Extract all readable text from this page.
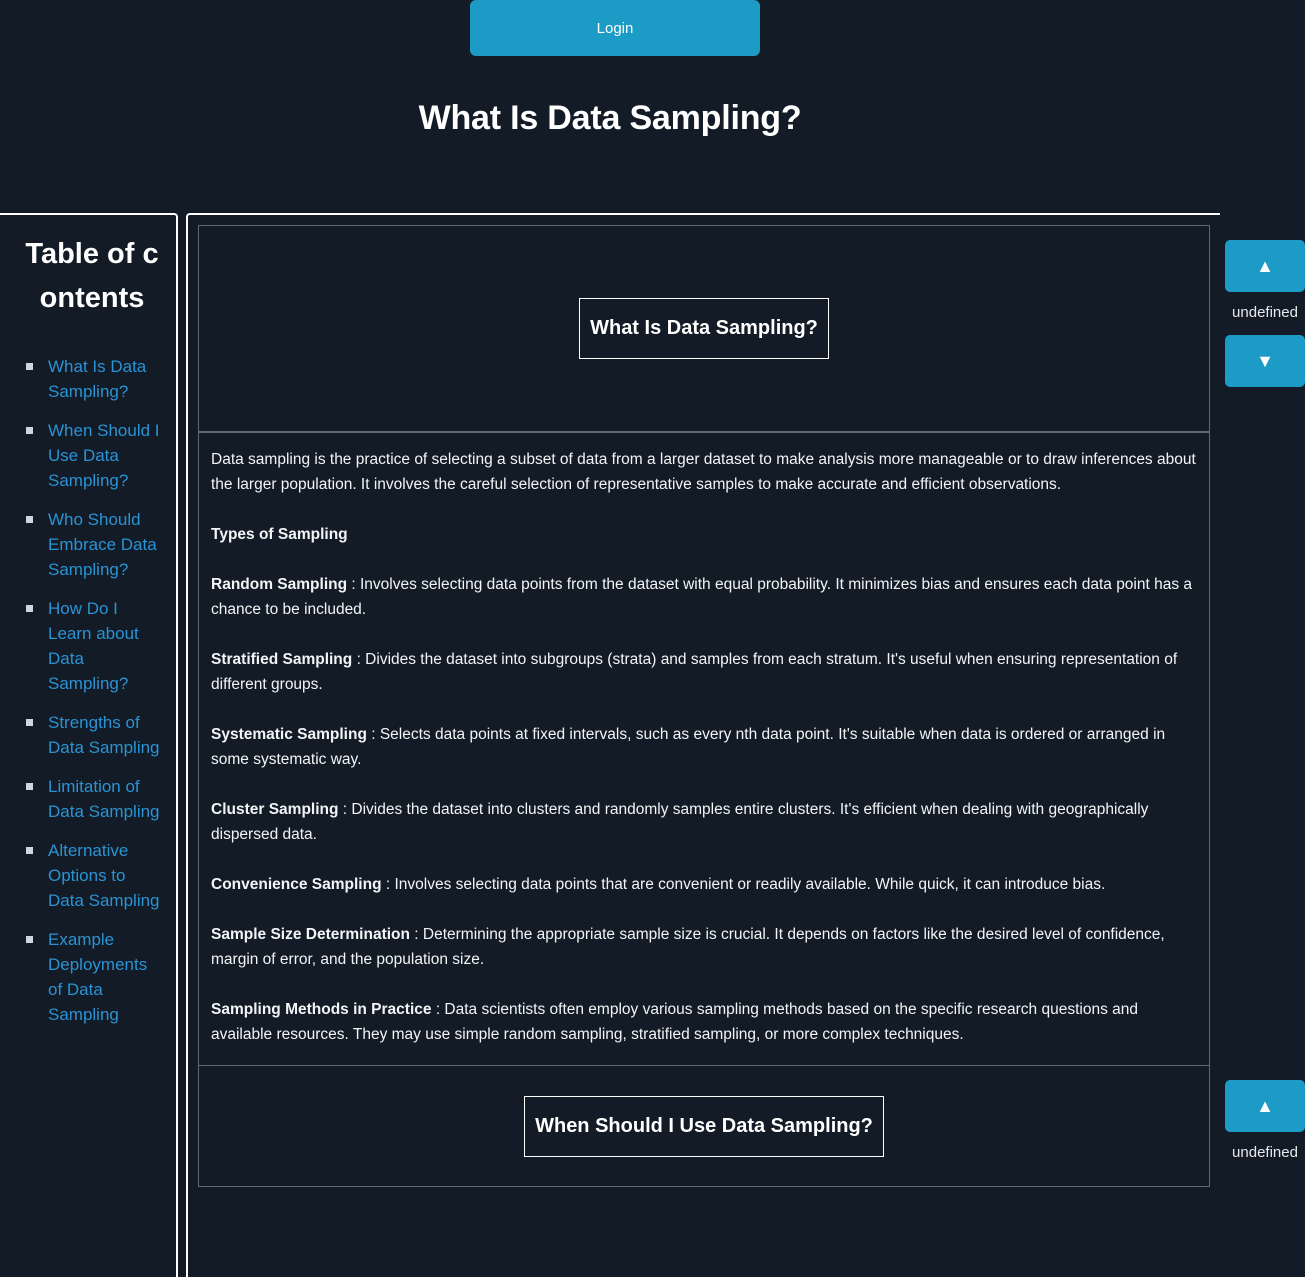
Login
What Is Data Sampling?
Table of contents
What Is Data Sampling?
When Should I Use Data Sampling?
Who Should Embrace Data Sampling?
How Do I Learn about Data Sampling?
Strengths of Data Sampling
Limitation of Data Sampling
Alternative Options to Data Sampling
Example Deployments of Data Sampling
What Is Data Sampling?
▲
undefined
▼

Data sampling is the practice of selecting a subset of data from a larger dataset to make analysis more manageable or to draw inferences about the larger population. It involves the careful selection of representative samples to make accurate and efficient observations.

Types of Sampling

Random Sampling : Involves selecting data points from the dataset with equal probability. It minimizes bias and ensures each data point has a chance to be included.

Stratified Sampling : Divides the dataset into subgroups (strata) and samples from each stratum. It's useful when ensuring representation of different groups.

Systematic Sampling : Selects data points at fixed intervals, such as every nth data point. It's suitable when data is ordered or arranged in some systematic way.

Cluster Sampling : Divides the dataset into clusters and randomly samples entire clusters. It's efficient when dealing with geographically dispersed data.

Convenience Sampling : Involves selecting data points that are convenient or readily available. While quick, it can introduce bias.

Sample Size Determination : Determining the appropriate sample size is crucial. It depends on factors like the desired level of confidence, margin of error, and the population size.

Sampling Methods in Practice : Data scientists often employ various sampling methods based on the specific research questions and available resources. They may use simple random sampling, stratified sampling, or more complex techniques.

When Should I Use Data Sampling?
▲
undefined
